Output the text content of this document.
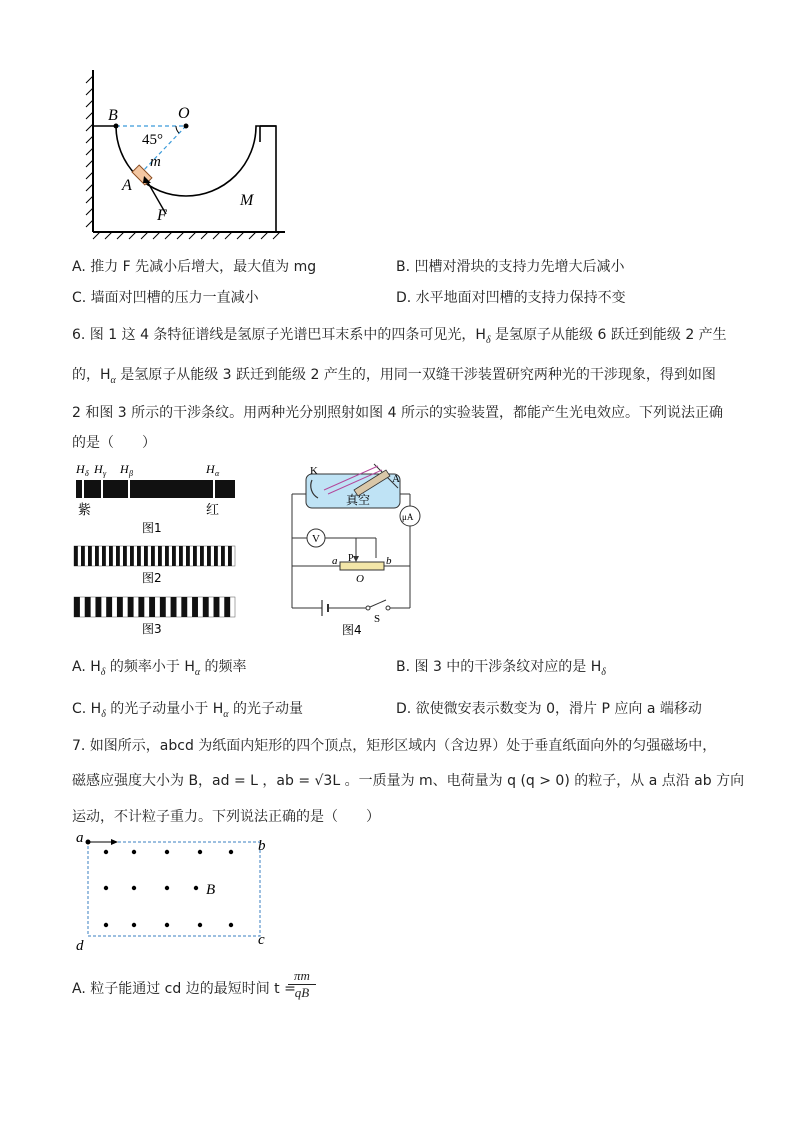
B	O
45°
m
A
F
M
A. 推力 F 先减小后增大，最大值为 mg	B. 凹槽对滑块的支持力先增大后减小
C. 墙面对凹槽的压力一直减小	D. 水平地面对凹槽的支持力保持不变
6. 图 1 这 4 条特征谱线是氢原子光谱巴耳末系中的四条可见光，$H_\delta$ 是氢原子从能级 6 跃迁到能级 2 产生
的，$H_\alpha$ 是氢原子从能级 3 跃迁到能级 2 产生的，用同一双缝干涉装置研究两种光的干涉现象，得到如图
2 和图 3 所示的干涉条纹。用两种光分别照射如图 4 所示的实验装置，都能产生光电效应。下列说法正确
的是（　　）
H δ H γ H β	H α
紫	红
图1
图2
图3
K
A
真空
μA
V
P
a	b
O
S
图4
A. $H_\delta$ 的频率小于 $H_\alpha$ 的频率	B. 图 3 中的干涉条纹对应的是 $H_\delta$
C. $H_\delta$ 的光子动量小于 $H_\alpha$ 的光子动量	D. 欲使微安表示数变为 0，滑片 P 应向 a 端移动
7. 如图所示，abcd 为纸面内矩形的四个顶点，矩形区域内（含边界）处于垂直纸面向外的匀强磁场中，
磁感应强度大小为 B，ad = L ，ab = √3L 。一质量为 m、电荷量为 q (q > 0) 的粒子，从 a 点沿 ab 方向
运动，不计粒子重力。下列说法正确的是（　　）
a	b
c
d
B
A. 粒子能通过 cd 边的最短时间 t =
$\frac{\pi m}{qB}$
